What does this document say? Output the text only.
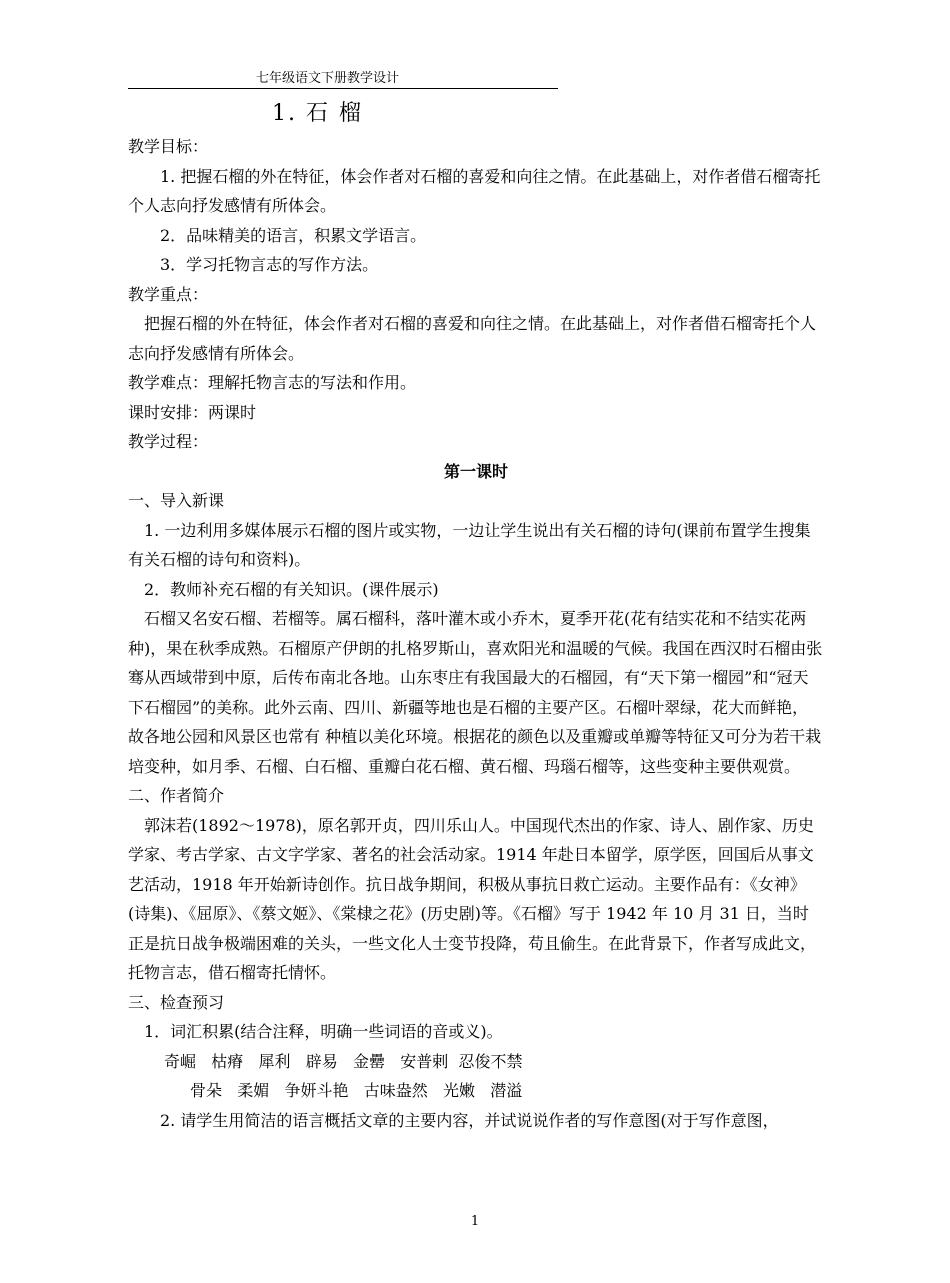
七年级语文下册教学设计
1. 石 榴

教学目标：

1. 把握石榴的外在特征，体会作者对石榴的喜爱和向往之情。在此基础上，对作者借石榴寄托个人志向抒发感情有所体会。

2．品味精美的语言，积累文学语言。

3．学习托物言志的写作方法。

教学重点：

把握石榴的外在特征，体会作者对石榴的喜爱和向往之情。在此基础上，对作者借石榴寄托个人志向抒发感情有所体会。

教学难点：理解托物言志的写法和作用。

课时安排：两课时

教学过程：

第一课时

一、导入新课

1. 一边利用多媒体展示石榴的图片或实物，一边让学生说出有关石榴的诗句(课前布置学生搜集有关石榴的诗句和资料)。

2．教师补充石榴的有关知识。(课件展示)

石榴又名安石榴、若榴等。属石榴科，落叶灌木或小乔木，夏季开花(花有结实花和不结实花两种)，果在秋季成熟。石榴原产伊朗的扎格罗斯山，喜欢阳光和温暖的气候。我国在西汉时石榴由张骞从西域带到中原，后传布南北各地。山东枣庄有我国最大的石榴园，有“天下第一榴园”和“冠天下石榴园”的美称。此外云南、四川、新疆等地也是石榴的主要产区。石榴叶翠绿，花大而鲜艳，故各地公园和风景区也常有 种植以美化环境。根据花的颜色以及重瓣或单瓣等特征又可分为若干栽培变种，如月季、石榴、白石榴、重瓣白花石榴、黄石榴、玛瑙石榴等，这些变种主要供观赏。

二、作者简介

郭沫若(1892～1978)，原名郭开贞，四川乐山人。中国现代杰出的作家、诗人、剧作家、历史学家、考古学家、古文字学家、著名的社会活动家。1914 年赴日本留学，原学医，回国后从事文艺活动，1918 年开始新诗创作。抗日战争期间，积极从事抗日救亡运动。主要作品有：《女神》(诗集)、《屈原》、《蔡文姬》、《棠棣之花》(历史剧)等。《石榴》写于 1942 年 10 月 31 日，当时正是抗日战争极端困难的关头，一些文化人士变节投降，苟且偷生。在此背景下，作者写成此文，托物言志，借石榴寄托情怀。

三、检查预习

1．词汇积累(结合注释，明确一些词语的音或义)。

奇崛   枯瘠   犀利   辟易   金罍   安普剌  忍俊不禁

骨朵   柔媚   争妍斗艳   古味盎然   光嫩   潜溢

2. 请学生用简洁的语言概括文章的主要内容，并试说说作者的写作意图(对于写作意图，

1
